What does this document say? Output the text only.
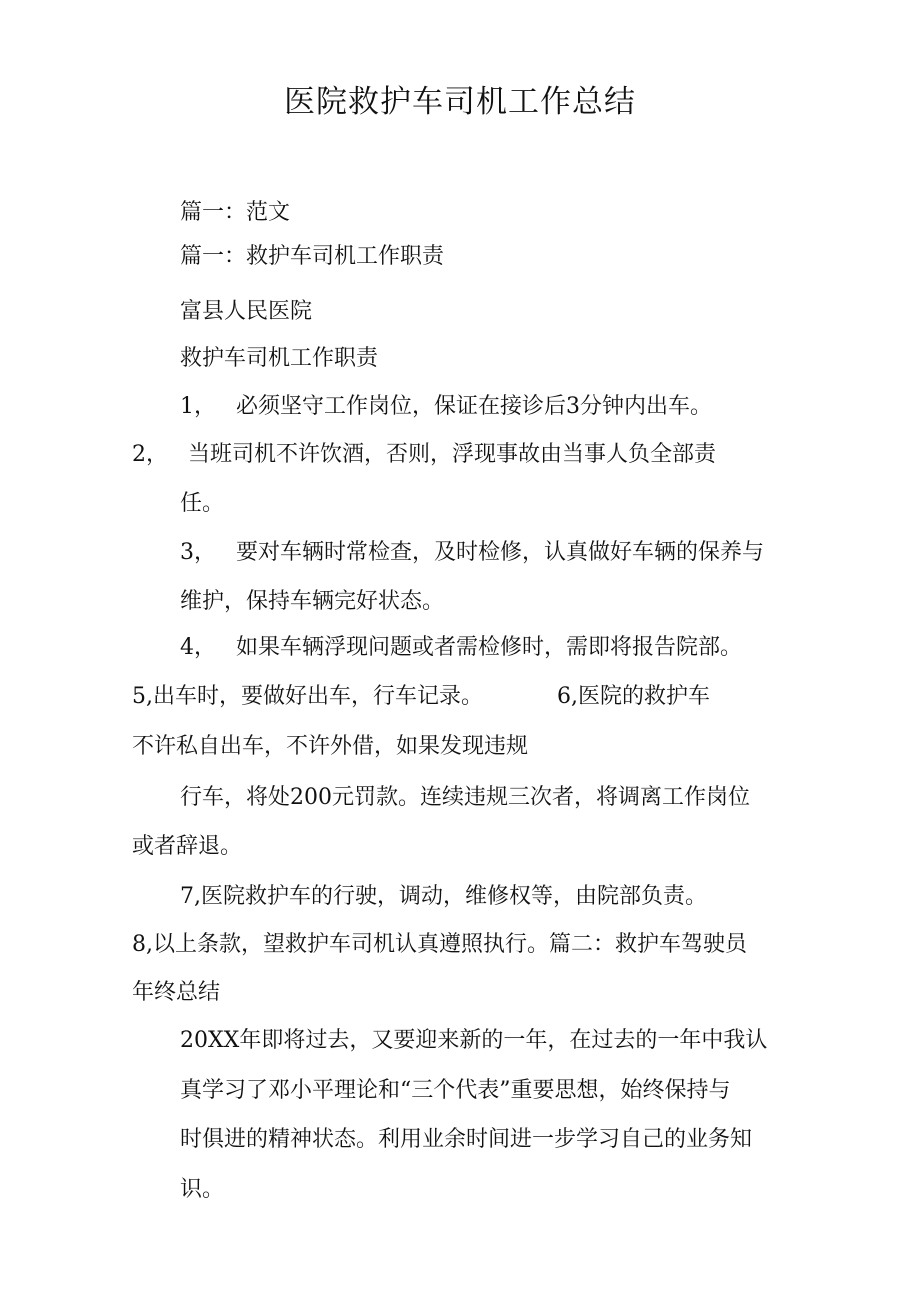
医院救护车司机工作总结

篇一：范文

篇一：救护车司机工作职责

富县人民医院

救护车司机工作职责

1， 必须坚守工作岗位，保证在接诊后3分钟内出车。

2， 当班司机不许饮酒，否则，浮现事故由当事人负全部责

任。

3， 要对车辆时常检查，及时检修，认真做好车辆的保养与

维护，保持车辆完好状态。

4， 如果车辆浮现问题或者需检修时，需即将报告院部。

5,出车时，要做好出车，行车记录。	6,医院的救护车

不许私自出车，不许外借，如果发现违规

行车，将处200元罚款。连续违规三次者，将调离工作岗位

或者辞退。

7,医院救护车的行驶，调动，维修权等，由院部负责。

8,以上条款，望救护车司机认真遵照执行。篇二：救护车驾驶员

年终总结

20XX年即将过去，又要迎来新的一年，在过去的一年中我认

真学习了邓小平理论和“三个代表”重要思想，始终保持与

时俱进的精神状态。利用业余时间进一步学习自己的业务知

识。
